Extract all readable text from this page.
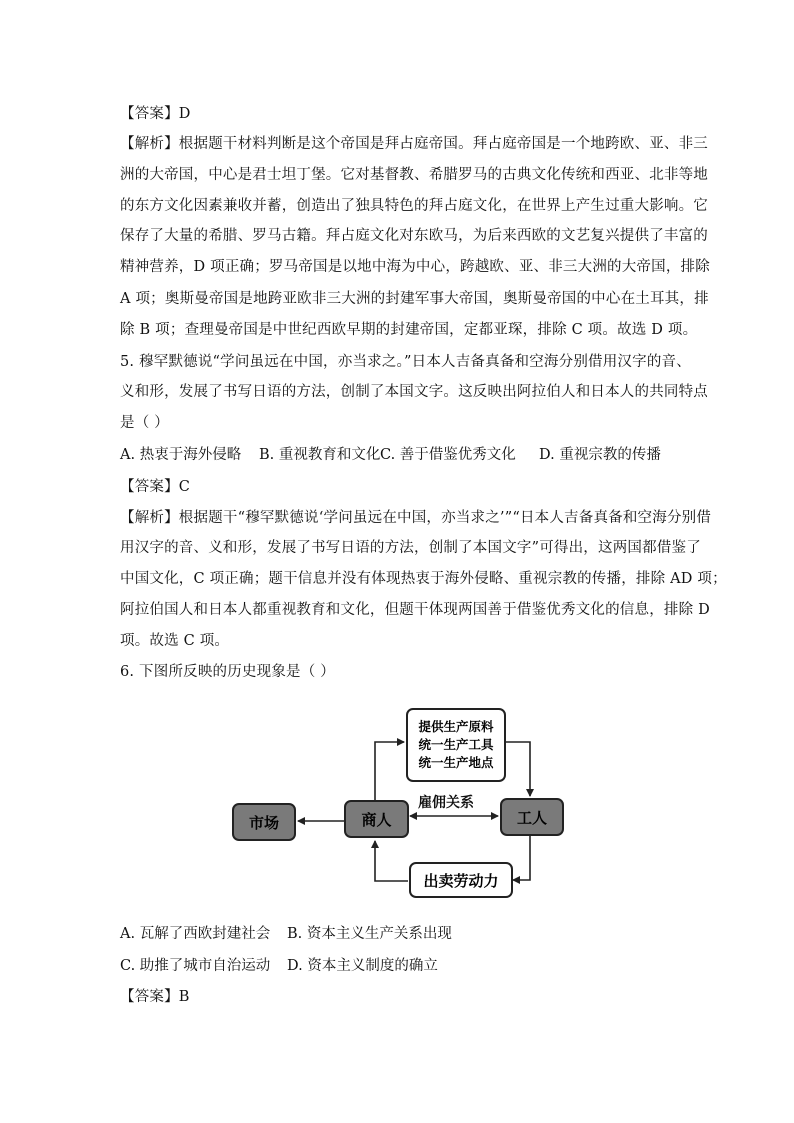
【答案】D
【解析】根据题干材料判断是这个帝国是拜占庭帝国。拜占庭帝国是一个地跨欧、亚、非三
洲的大帝国，中心是君士坦丁堡。它对基督教、希腊罗马的古典文化传统和西亚、北非等地
的东方文化因素兼收并蓄，创造出了独具特色的拜占庭文化，在世界上产生过重大影响。它
保存了大量的希腊、罗马古籍。拜占庭文化对东欧马，为后来西欧的文艺复兴提供了丰富的
精神营养，D 项正确；罗马帝国是以地中海为中心，跨越欧、亚、非三大洲的大帝国，排除
A 项；奥斯曼帝国是地跨亚欧非三大洲的封建军事大帝国，奥斯曼帝国的中心在土耳其，排
除 B 项；查理曼帝国是中世纪西欧早期的封建帝国，定都亚琛，排除 C 项。故选 D 项。
5. 穆罕默德说“学问虽远在中国，亦当求之。”日本人吉备真备和空海分别借用汉字的音、
义和形，发展了书写日语的方法，创制了本国文字。这反映出阿拉伯人和日本人的共同特点
是（ ）
A. 热衷于海外侵略 B. 重视教育和文化 C. 善于借鉴优秀文化 D. 重视宗教的传播
【答案】C
【解析】根据题干“穆罕默德说‘学问虽远在中国，亦当求之’”“日本人吉备真备和空海分别借
用汉字的音、义和形，发展了书写日语的方法，创制了本国文字”可得出，这两国都借鉴了
中国文化，C 项正确；题干信息并没有体现热衷于海外侵略、重视宗教的传播，排除 AD 项；
阿拉伯国人和日本人都重视教育和文化，但题干体现两国善于借鉴优秀文化的信息，排除 D
项。故选 C 项。
6. 下图所反映的历史现象是（ ）
提供生产原料
统一生产工具
统一生产地点
市场	商人	工人
雇佣关系
出卖劳动力
A. 瓦解了西欧封建社会 B. 资本主义生产关系出现
C. 助推了城市自治运动 D. 资本主义制度的确立
【答案】B
